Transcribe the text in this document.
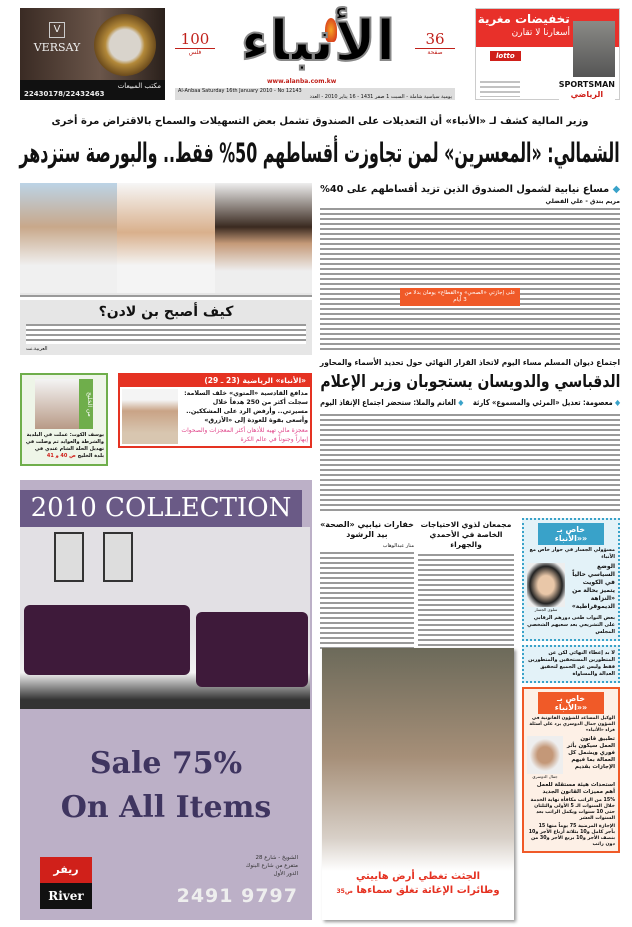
V
VERSAY
مكتب المبيعات
22430178/22432463
100
فلس الأنباء
www.alanba.com.kw
36
صفحة
Al-Anbaa Saturday 16th January 2010 - No 12143
يومية سياسية شاملة - السبت 1 صفر 1431 - 16 يناير 2010 - العدد
تخفيضات مغرية
أسعارنا لا تقارن
lotto
SPORTSMAN
الرياضي
وزير المالية كشف لـ «الأنباء» أن التعديلات على الصندوق تشمل بعض التسهيلات والسماح بالاقتراض مرة أخرى
الشمالي: «المعسرين» لمن تجاوزت أقساطهم 50% فقط.. والبورصة ستزدهر
كيف أصبح بن لادن؟
العربية.نت
◆ مساع نيابية لشمول الصندوق الذين تزيد أقساطهم على 40%
مريم بندق - علي الفضلي
على إجازتي «الصحي» و«القطاع» يومان بدلا من 3 أيام
اجتماع ديوان المسلم مساء اليوم لاتخاذ القرار النهائي حول تحديد الأسماء والمحاور
الدقباسي والدويسان يستجوبان وزير الإعلام
◆ معصومة: تعديل «المرئي والمسموع» كارثة    ◆ الغانم والملا: سنحضر اجتماع الإنقاذ اليوم
من الخليج
يوسف الكوت: عملت في البلدية والشرطة والعوايد ثم وصلت في تهديل الحلة الشام عندي في بلدة الخليج ص 40 و 41
«الأنباء» الرياضية (23 ـ 29)
مدافع القادسية «المتوي» خلف السلامة: سجلت أكثر من 250 هدفاً خلال مسيرتي.. وأرفض الرد على المشككين.. وأسعى بقوة للعودة إلى «الأزرق»
معجزة مالي تهيه للأذهان أكثر المعجزات والصحوات إبهاراً وجنوناً في عالم الكرة
2010 COLLECTION
Sale 75%
On All Items
ريفر
River
الشويخ - شارع 28
متفرع من شارع البنوك
الدور الأول
2491 9797
خفارات نيابيي «الصحة» بيد الرشود
منار عبدالوهاب
مجمعان لذوي الاحتياجات الخاصة في الأحمدي والجهراء
خاص بـ «الأنباء»
مسؤولي الجسار في حوار خاص مع الأنباء
الوضع السياسي حالياً في الكويت يتميز بحالة من «النزاهة الديموقراطية»
سلوى الجسار
بعض النواب طغى دورهم الرقابي على التشريعي بعد سعيهم الشخصي المجلس
لا بد إعطاء النهائي لكن عن المتطورين المستحقين والمتطورين فقط وليس عن الجميع لتحقيق العدالة والمساواة
خاص بـ «الأنباء»
الوكيل المساعد للشؤون القانونية في الشؤون جمال الدوسري يرد على أسئلة قراء «الأنباء»
تطبيق قانون العمل سيكون بأثر فوري ويشمل كل العمالة بما فيهم الإجازات بقديم
جمال الدوسري
استحداث هيئة مستقلة للعمل أهم مميزات القانون الجديد
15% من الراتب مكافأة نهاية الخدمة خلال السنوات الـ 5 الأولى والثلثان حتى 10 سنوات ويكمل الراتب بعد السنوات العشر
الإجازة المرضية 75 يوماً منها 15 بأجر كامل و10 بثلاثة أرباع الأجر و10 بنصف الأجر و10 بربع الأجر و30 من دون راتب
الجثث تغطي أرض هاييتي
وطائرات الإغاثة تغلق سماءها ص35
